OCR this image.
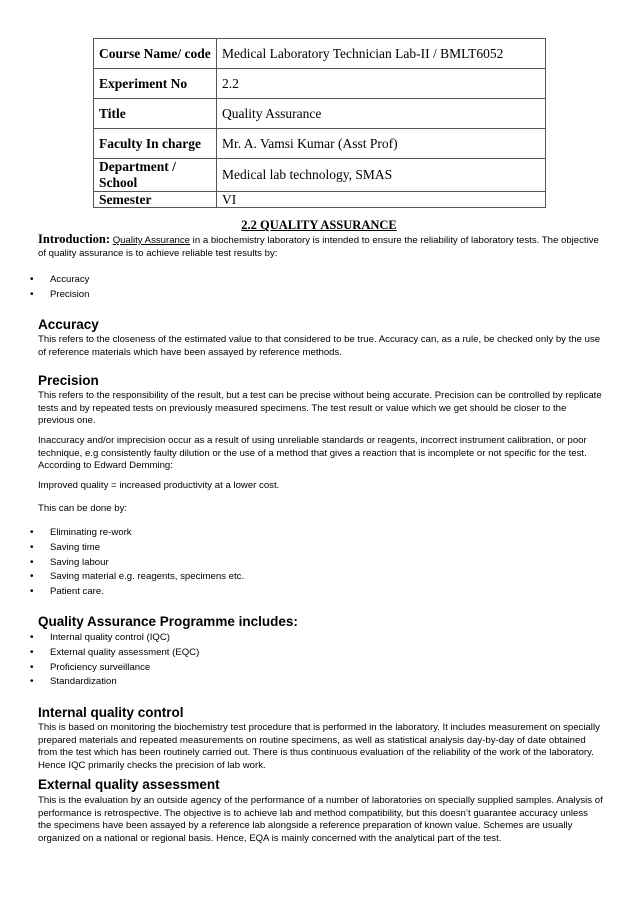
Course Name/ code	Medical Laboratory Technician Lab-II / BMLT6052
Experiment No	2.2
Title	Quality Assurance
Faculty In charge	Mr. A. Vamsi Kumar (Asst Prof)
Department / School	Medical lab technology, SMAS
Semester	VI
2.2 QUALITY ASSURANCE
Introduction: Quality Assurance in a biochemistry laboratory is intended to ensure the reliability of laboratory tests. The objective of quality assurance is to achieve reliable test results by:
• Accuracy
• Precision
Accuracy
This refers to the closeness of the estimated value to that considered to be true. Accuracy can, as a rule, be checked only by the use of reference materials which have been assayed by reference methods.
Precision
This refers to the responsibility of the result, but a test can be precise without being accurate. Precision can be controlled by replicate tests and by repeated tests on previously measured specimens. The test result or value which we get should be closer to the previous one.
Inaccuracy and/or imprecision occur as a result of using unreliable standards or reagents, incorrect instrument calibration, or poor technique, e.g consistently faulty dilution or the use of a method that gives a reaction that is incomplete or not specific for the test. According to Edward Demming:
Improved quality = increased productivity at a lower cost.
This can be done by:
• Eliminating re-work
• Saving time
• Saving labour
• Saving material e.g. reagents, specimens etc.
• Patient care.
Quality Assurance Programme includes:
• Internal quality control (IQC)
• External quality assessment (EQC)
• Proficiency surveillance
• Standardization
Internal quality control
This is based on monitoring the biochemistry test procedure that is performed in the laboratory. It includes measurement on specially prepared materials and repeated measurements on routine specimens, as well as statistical analysis day-by-day of date obtained from the test which has been routinely carried out. There is thus continuous evaluation of the reliability of the work of the laboratory. Hence IQC primarily checks the precision of lab work.
External quality assessment
This is the evaluation by an outside agency of the performance of a number of laboratories on specially supplied samples. Analysis of performance is retrospective. The objective is to achieve lab and method compatibility, but this doesn’t guarantee accuracy unless the specimens have been assayed by a reference lab alongside a reference preparation of known value. Schemes are usually organized on a national or regional basis. Hence, EQA is mainly concerned with the analytical part of the test.
